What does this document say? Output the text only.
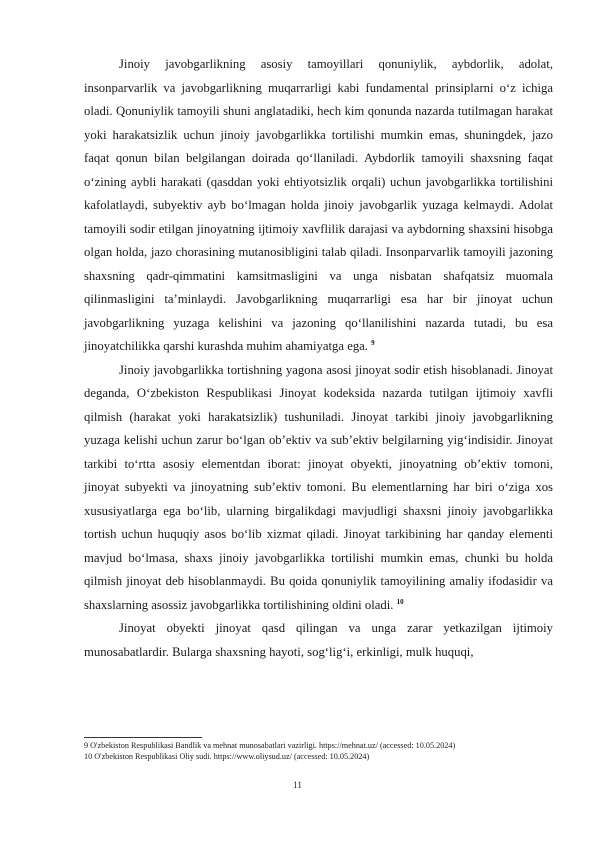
Jinoiy javobgarlikning asosiy tamoyillari qonuniylik, aybdorlik, adolat, insonparvarlik va javobgarlikning muqarrarligi kabi fundamental prinsiplarni o‘z ichiga oladi. Qonuniylik tamoyili shuni anglatadiki, hech kim qonunda nazarda tutilmagan harakat yoki harakatsizlik uchun jinoiy javobgarlikka tortilishi mumkin emas, shuningdek, jazo faqat qonun bilan belgilangan doirada qo‘llaniladi. Aybdorlik tamoyili shaxsning faqat o‘zining aybli harakati (qasddan yoki ehtiyotsizlik orqali) uchun javobgarlikka tortilishini kafolatlaydi, subyektiv ayb bo‘lmagan holda jinoiy javobgarlik yuzaga kelmaydi. Adolat tamoyili sodir etilgan jinoyatning ijtimoiy xavflilik darajasi va aybdorning shaxsini hisobga olgan holda, jazo chorasining mutanosibligini talab qiladi. Insonparvarlik tamoyili jazoning shaxsning qadr-qimmatini kamsitmasligini va unga nisbatan shafqatsiz muomala qilinmasligini ta’minlaydi. Javobgarlikning muqarrarligi esa har bir jinoyat uchun javobgarlikning yuzaga kelishini va jazoning qo‘llanilishini nazarda tutadi, bu esa jinoyatchilikka qarshi kurashda muhim ahamiyatga ega. $^9$

Jinoiy javobgarlikka tortishning yagona asosi jinoyat sodir etish hisoblanadi. Jinoyat deganda, O‘zbekiston Respublikasi Jinoyat kodeksida nazarda tutilgan ijtimoiy xavfli qilmish (harakat yoki harakatsizlik) tushuniladi. Jinoyat tarkibi jinoiy javobgarlikning yuzaga kelishi uchun zarur bo‘lgan ob’ektiv va sub’ektiv belgilarning yig‘indisidir. Jinoyat tarkibi to‘rtta asosiy elementdan iborat: jinoyat obyekti, jinoyatning ob’ektiv tomoni, jinoyat subyekti va jinoyatning sub’ektiv tomoni. Bu elementlarning har biri o‘ziga xos xususiyatlarga ega bo‘lib, ularning birgalikdagi mavjudligi shaxsni jinoiy javobgarlikka tortish uchun huquqiy asos bo‘lib xizmat qiladi. Jinoyat tarkibining har qanday elementi mavjud bo‘lmasa, shaxs jinoiy javobgarlikka tortilishi mumkin emas, chunki bu holda qilmish jinoyat deb hisoblanmaydi. Bu qoida qonuniylik tamoyilining amaliy ifodasidir va shaxslarning asossiz javobgarlikka tortilishining oldini oladi. $^{10}$

Jinoyat obyekti jinoyat qasd qilingan va unga zarar yetkazilgan ijtimoiy munosabatlardir. Bularga shaxsning hayoti, sog‘lig‘i, erkinligi, mulk huquqi,

9 O'zbekiston Respublikasi Bandlik va mehnat munosabatlari vazirligi. https://mehnat.uz/ (accessed: 10.05.2024)

10 O'zbekiston Respublikasi Oliy sudi. https://www.oliysud.uz/ (accessed: 10.05.2024)

11
